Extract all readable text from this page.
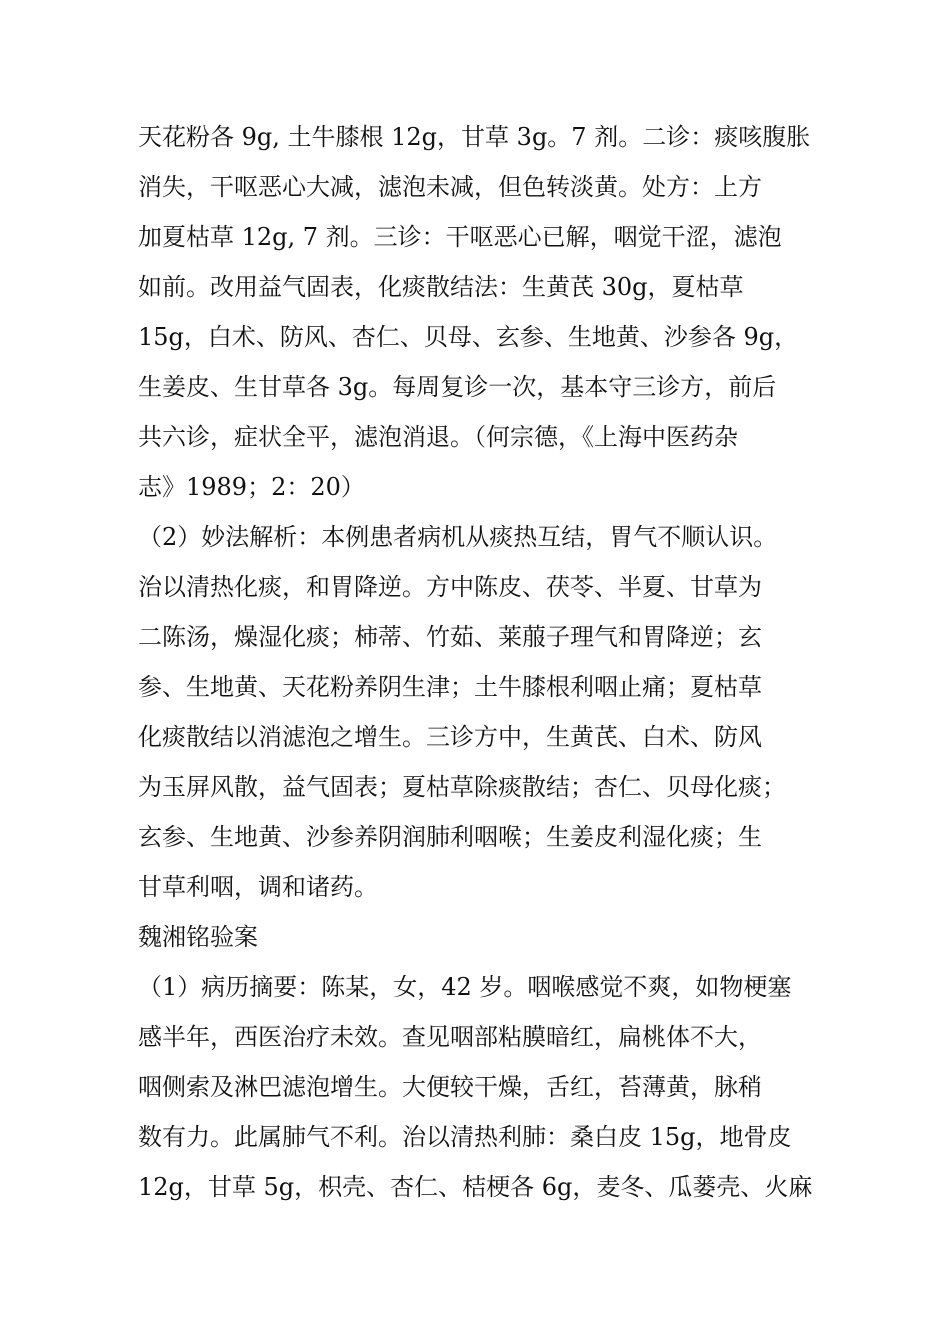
天花粉各 9g, 土牛膝根 12g，甘草 3g。7 剂。二诊：痰咳腹胀
消失，干呕恶心大减，滤泡未减，但色转淡黄。处方：上方
加夏枯草 12g, 7 剂。三诊：干呕恶心已解，咽觉干涩，滤泡
如前。改用益气固表，化痰散结法：生黄芪 30g，夏枯草
15g，白术、防风、杏仁、贝母、玄参、生地黄、沙参各 9g，
生姜皮、生甘草各 3g。每周复诊一次，基本守三诊方，前后
共六诊，症状全平，滤泡消退。（何宗德，《上海中医药杂
志》1989；2：20）
（2）妙法解析：本例患者病机从痰热互结，胃气不顺认识。
治以清热化痰，和胃降逆。方中陈皮、茯苓、半夏、甘草为
二陈汤，燥湿化痰；柿蒂、竹茹、莱菔子理气和胃降逆；玄
参、生地黄、天花粉养阴生津；土牛膝根利咽止痛；夏枯草
化痰散结以消滤泡之增生。三诊方中，生黄芪、白术、防风
为玉屏风散，益气固表；夏枯草除痰散结；杏仁、贝母化痰；
玄参、生地黄、沙参养阴润肺利咽喉；生姜皮利湿化痰；生
甘草利咽，调和诸药。
魏湘铭验案
（1）病历摘要：陈某，女，42 岁。咽喉感觉不爽，如物梗塞
感半年，西医治疗未效。查见咽部粘膜暗红，扁桃体不大，
咽侧索及淋巴滤泡增生。大便较干燥，舌红，苔薄黄，脉稍
数有力。此属肺气不利。治以清热利肺：桑白皮 15g，地骨皮
12g，甘草 5g，枳壳、杏仁、桔梗各 6g，麦冬、瓜蒌壳、火麻
